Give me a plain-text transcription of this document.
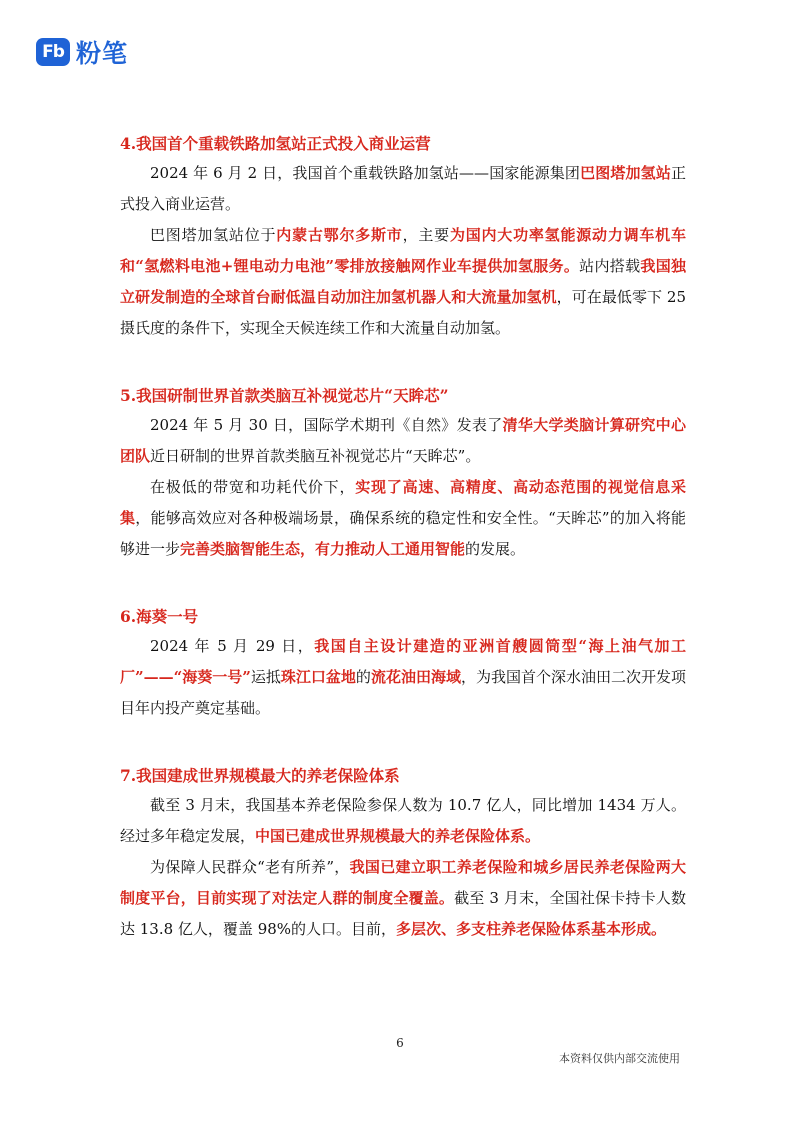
Fb 粉笔

4.我国首个重载铁路加氢站正式投入商业运营

2024 年 6 月 2 日，我国首个重载铁路加氢站——国家能源集团巴图塔加氢站正式投入商业运营。

巴图塔加氢站位于内蒙古鄂尔多斯市，主要为国内大功率氢能源动力调车机车和“氢燃料电池+锂电动力电池”零排放接触网作业车提供加氢服务。站内搭载我国独立研发制造的全球首台耐低温自动加注加氢机器人和大流量加氢机，可在最低零下 25 摄氏度的条件下，实现全天候连续工作和大流量自动加氢。

5.我国研制世界首款类脑互补视觉芯片“天眸芯”

2024 年 5 月 30 日，国际学术期刊《自然》发表了清华大学类脑计算研究中心团队近日研制的世界首款类脑互补视觉芯片“天眸芯”。

在极低的带宽和功耗代价下，实现了高速、高精度、高动态范围的视觉信息采集，能够高效应对各种极端场景，确保系统的稳定性和安全性。“天眸芯”的加入将能够进一步完善类脑智能生态，有力推动人工通用智能的发展。

6.海葵一号

2024 年 5 月 29 日，我国自主设计建造的亚洲首艘圆筒型“海上油气加工厂”——“海葵一号”运抵珠江口盆地的流花油田海域，为我国首个深水油田二次开发项目年内投产奠定基础。

7.我国建成世界规模最大的养老保险体系

截至 3 月末，我国基本养老保险参保人数为 10.7 亿人，同比增加 1434 万人。经过多年稳定发展，中国已建成世界规模最大的养老保险体系。

为保障人民群众“老有所养”，我国已建立职工养老保险和城乡居民养老保险两大制度平台，目前实现了对法定人群的制度全覆盖。截至 3 月末，全国社保卡持卡人数达 13.8 亿人，覆盖 98%的人口。目前，多层次、多支柱养老保险体系基本形成。

6
本资料仅供内部交流使用
